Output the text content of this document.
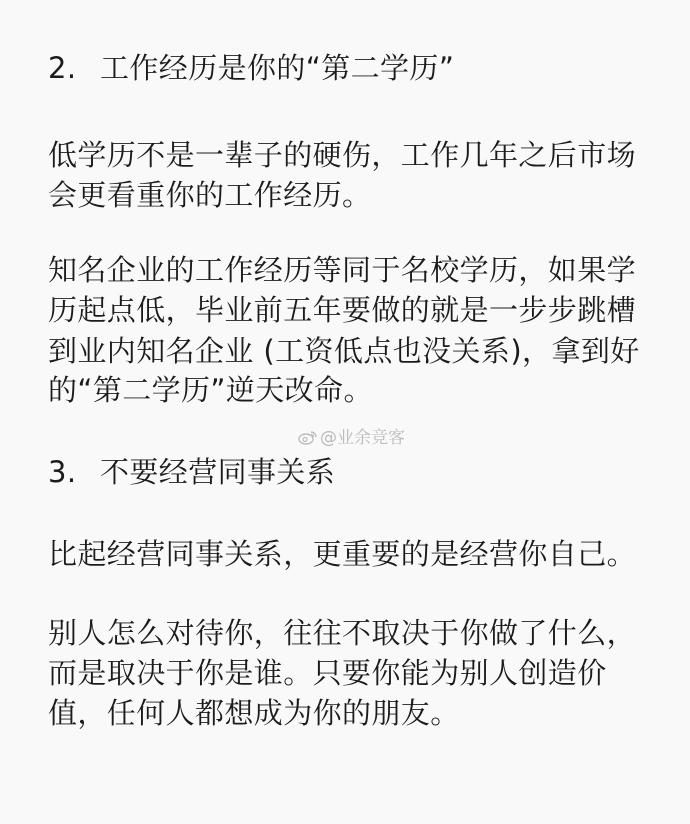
2. 工作经历是你的“第二学历”
低学历不是一辈子的硬伤，工作几年之后市场
会更看重你的工作经历。
知名企业的工作经历等同于名校学历，如果学
历起点低，毕业前五年要做的就是一步步跳槽
到业内知名企业 (工资低点也没关系)，拿到好
的“第二学历”逆天改命。
@业余竞客
3. 不要经营同事关系
比起经营同事关系，更重要的是经营你自己。
别人怎么对待你，往往不取决于你做了什么，
而是取决于你是谁。只要你能为别人创造价
值，任何人都想成为你的朋友。
